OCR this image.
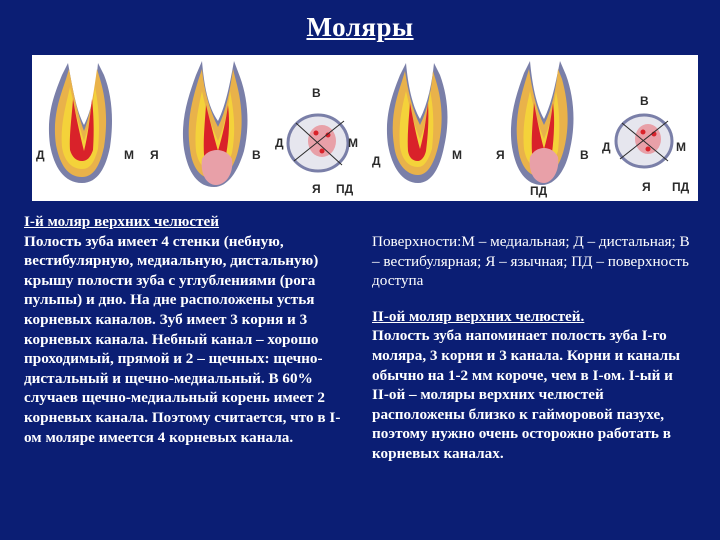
Моляры
Д	М Я	В
В
Д	М
Я ПД
Д	М	Я
ПД
В
В
Д	М
Я ПД

I-й моляр верхних челюстей

Полость зуба имеет 4 стенки (небную, вестибулярную, медиальную, дистальную) крышу полости зуба с углублениями (рога пульпы) и дно. На дне расположены устья корневых каналов. Зуб имеет 3 корня и 3 корневых канала. Небный канал – хорошо проходимый, прямой и 2 – щечных: щечно-дистальный и щечно-медиальный. В 60% случаев щечно-медиальный корень имеет 2 корневых канала. Поэтому считается, что в I-ом моляре имеется 4 корневых канала.

Поверхности:М – медиальная; Д – дистальная; В – вестибулярная; Я – язычная; ПД – поверхность доступа

II-ой моляр верхних челюстей.

Полость зуба напоминает полость зуба I-го моляра, 3 корня и 3 канала. Корни и каналы обычно на 1-2 мм короче, чем в I-ом. I-ый и II-ой – моляры верхних челюстей расположены близко к гайморовой пазухе, поэтому нужно очень осторожно работать в корневых каналах.
